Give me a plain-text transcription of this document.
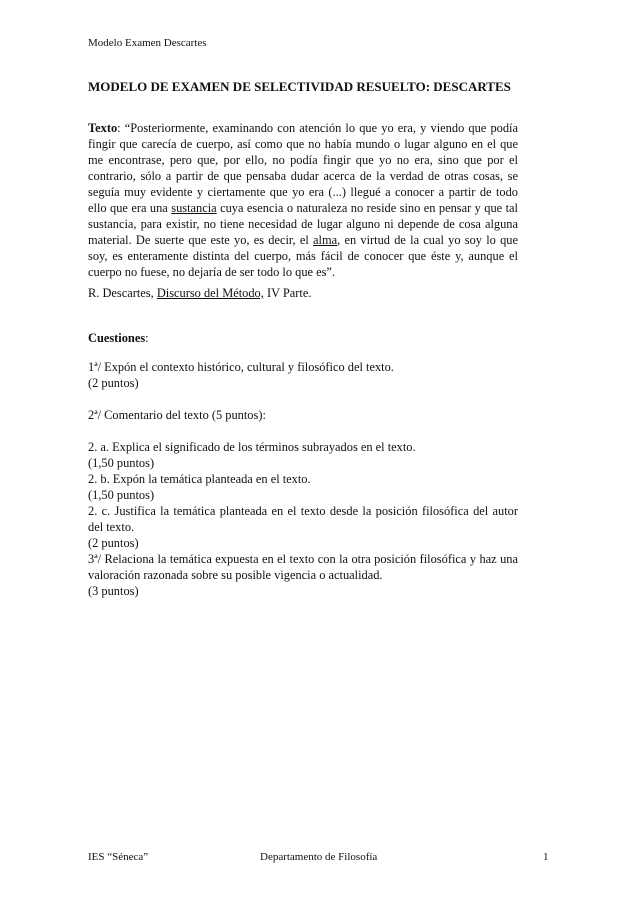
Modelo Examen Descartes
MODELO DE EXAMEN DE SELECTIVIDAD RESUELTO: DESCARTES
Texto: “Posteriormente, examinando con atención lo que yo era, y viendo que podía fingir que carecía de cuerpo, así como que no había mundo o lugar alguno en el que me encontrase, pero que, por ello, no podía fingir que yo no era, sino que por el contrario, sólo a partir de que pensaba dudar acerca de la verdad de otras cosas, se seguía muy evidente y ciertamente que yo era (...) llegué a conocer a partir de todo ello que era una sustancia cuya esencia o naturaleza no reside sino en pensar y que tal sustancia, para existir, no tiene necesidad de lugar alguno ni depende de cosa alguna material. De suerte que este yo, es decir, el alma, en virtud de la cual yo soy lo que soy, es enteramente distinta del cuerpo, más fácil de conocer que éste y, aunque el cuerpo no fuese, no dejaría de ser todo lo que es”.
R. Descartes, Discurso del Método, IV Parte.
Cuestiones:

1ª/ Expón el contexto histórico, cultural y filosófico del texto.

(2 puntos)

2ª/ Comentario del texto (5 puntos):

2. a. Explica el significado de los términos subrayados en el texto.

(1,50 puntos)

2. b. Expón la temática planteada en el texto.

(1,50 puntos)

2. c. Justifica la temática planteada en el texto desde la posición filosófica del autor del texto.

(2 puntos)

3ª/ Relaciona la temática expuesta en el texto con la otra posición filosófica y haz una valoración razonada sobre su posible vigencia o actualidad.

(3 puntos)

IES “Séneca”	Departamento de Filosofía	1
